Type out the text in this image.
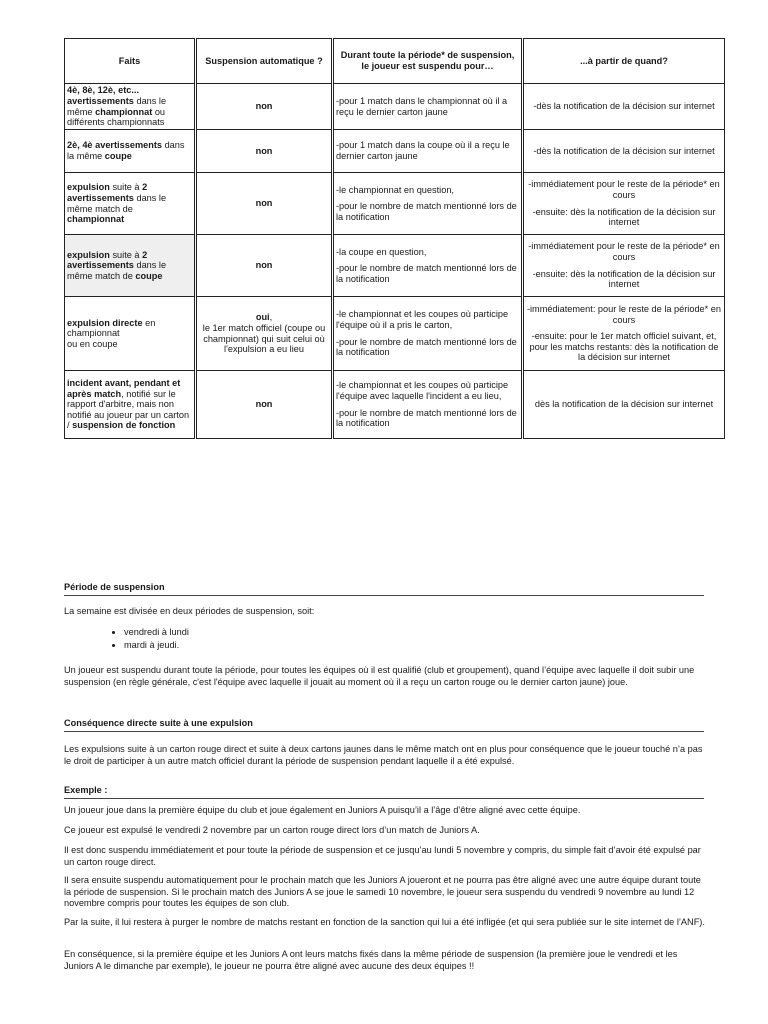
Faits	Suspension automatique ?	Durant toute la période* de suspension,
le joueur est suspendu pour…	...à partir de quand?
4è, 8è, 12è, etc...
avertissements dans le même championnat ou différents championnats	non	-pour 1 match dans le championnat où il a reçu le dernier carton jaune	-dès la notification de la décision sur internet

2è, 4è avertissements dans la même coupe	non	-pour 1 match dans la coupe où il a reçu le dernier carton jaune	-dès la notification de la décision sur internet

expulsion suite à 2 avertissements dans le même match de championnat	non	-le championnat en question,
-pour le nombre de match mentionné lors de la notification	-immédiatement pour le reste de la période* en cours
-ensuite: dès la notification de la décision sur internet

expulsion suite à 2 avertissements dans le même match de coupe	non	-la coupe en question,
-pour le nombre de match mentionné lors de la notification	-immédiatement pour le reste de la période* en cours
-ensuite: dès la notification de la décision sur internet

expulsion directe en championnat
ou en coupe	oui,
le 1er match officiel (coupe ou championnat) qui suit celui où l'expulsion a eu lieu	-le championnat et les coupes où participe l'équipe où il a pris le carton,
-pour le nombre de match mentionné lors de la notification	-immédiatement: pour le reste de la période* en cours
-ensuite: pour le 1er match officiel suivant, et, pour les matchs restants: dès la notification de la décision sur internet

incident avant, pendant et après match, notifié sur le rapport d'arbitre, mais non notifié au joueur par un carton / suspension de fonction	non	-le championnat et les coupes où participe l'équipe avec laquelle l'incident a eu lieu,
-pour le nombre de match mentionné lors de la notification	dès la notification de la décision sur internet
Période de suspension
La semaine est divisée en deux périodes de suspension, soit:
• vendredi à lundi
• mardi à jeudi.
Un joueur est suspendu durant toute la période, pour toutes les équipes où il est qualifié (club et groupement), quand l’équipe avec laquelle il doit subir une suspension (en règle générale, c'est l'équipe avec laquelle il jouait au moment où il a reçu un carton rouge ou le dernier carton jaune) joue.
Conséquence directe suite à une expulsion
Les expulsions suite à un carton rouge direct et suite à deux cartons jaunes dans le même match ont en plus pour conséquence que le joueur touché n’a pas le droit de participer à un autre match officiel durant la période de suspension pendant laquelle il a été expulsé.
Exemple :
Un joueur joue dans la première équipe du club et joue également en Juniors A puisqu’il a l’âge d’être aligné avec cette équipe.
Ce joueur est expulsé le vendredi 2 novembre par un carton rouge direct lors d’un match de Juniors A.
Il est donc suspendu immédiatement et pour toute la période de suspension et ce jusqu’au lundi 5 novembre y compris, du simple fait d’avoir été expulsé par un carton rouge direct.
Il sera ensuite suspendu automatiquement pour le prochain match que les Juniors A joueront et ne pourra pas être aligné avec une autre équipe durant toute la période de suspension. Si le prochain match des Juniors A se joue le samedi 10 novembre, le joueur sera suspendu du vendredi 9 novembre au lundi 12 novembre compris pour toutes les équipes de son club.
Par la suite, il lui restera à purger le nombre de matchs restant en fonction de la sanction qui lui a été infligée (et qui sera publiée sur le site internet de l’ANF).
En conséquence, si la première équipe et les Juniors A ont leurs matchs fixés dans la même période de suspension (la première joue le vendredi et les Juniors A le dimanche par exemple), le joueur ne pourra être aligné avec aucune des deux équipes !!
